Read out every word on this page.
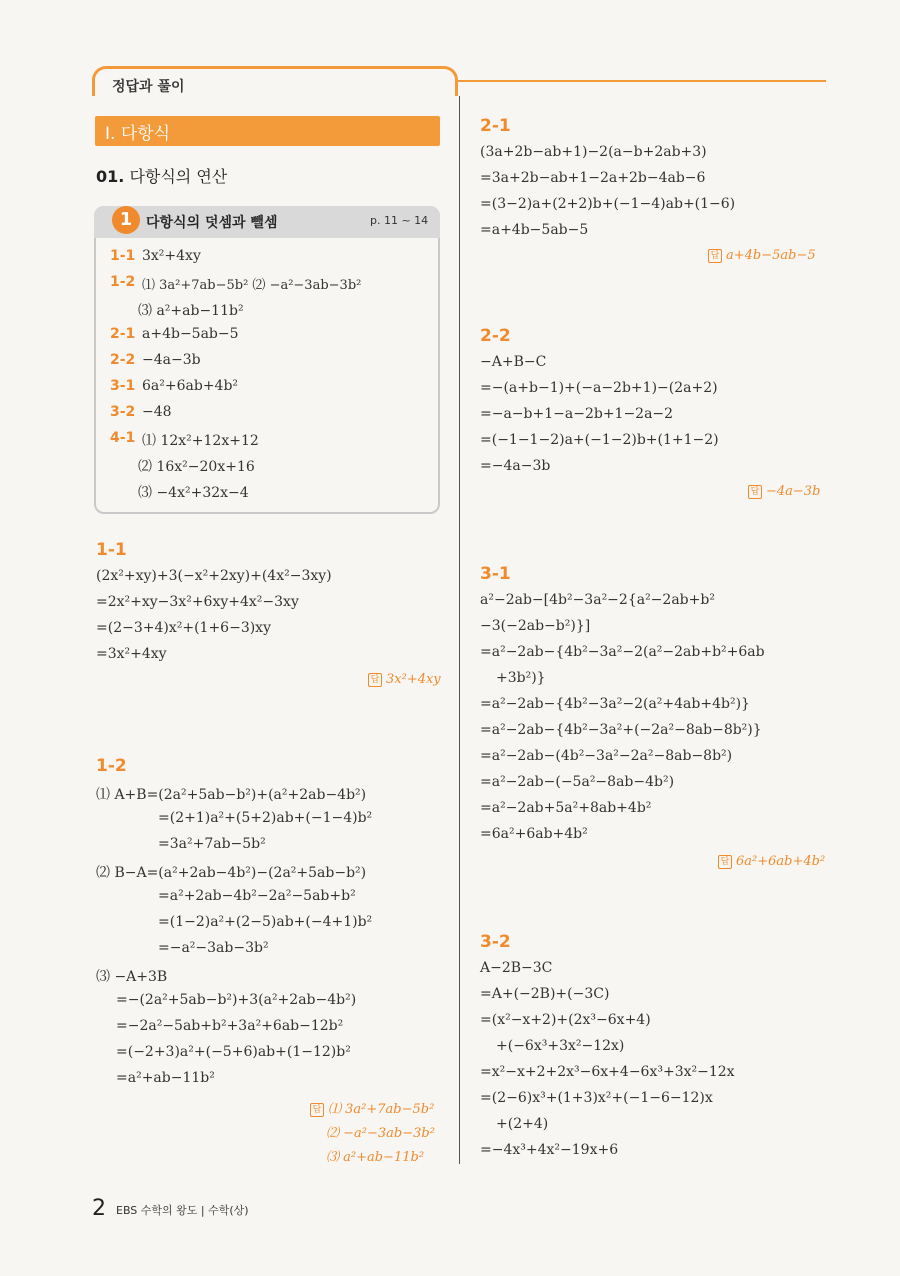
정답과 풀이
Ⅰ. 다항식
01. 다항식의 연산
1 다항식의 덧셈과 뺄셈	p. 11 ~ 14
1-1 3x²+4xy
1-2 ⑴ 3a²+7ab−5b² ⑵ −a²−3ab−3b²
⑶ a²+ab−11b²
2-1 a+4b−5ab−5
2-2 −4a−3b
3-1 6a²+6ab+4b²
3-2 −48
4-1 ⑴ 12x²+12x+12
⑵ 16x²−20x+16
⑶ −4x²+32x−4
1-1
(2x²+xy)+3(−x²+2xy)+(4x²−3xy)
=2x²+xy−3x²+6xy+4x²−3xy
=(2−3+4)x²+(1+6−3)xy
=3x²+4xy
답 3x²+4xy
1-2
⑴ A+B=(2a²+5ab−b²)+(a²+2ab−4b²)
=(2+1)a²+(5+2)ab+(−1−4)b²
=3a²+7ab−5b²
⑵ B−A=(a²+2ab−4b²)−(2a²+5ab−b²)
=a²+2ab−4b²−2a²−5ab+b²
=(1−2)a²+(2−5)ab+(−4+1)b²
=−a²−3ab−3b²
⑶ −A+3B
=−(2a²+5ab−b²)+3(a²+2ab−4b²)
=−2a²−5ab+b²+3a²+6ab−12b²
=(−2+3)a²+(−5+6)ab+(1−12)b²
=a²+ab−11b²
답 ⑴ 3a²+7ab−5b²
⑵ −a²−3ab−3b²
⑶ a²+ab−11b²
2-1
(3a+2b−ab+1)−2(a−b+2ab+3)
=3a+2b−ab+1−2a+2b−4ab−6
=(3−2)a+(2+2)b+(−1−4)ab+(1−6)
=a+4b−5ab−5
답 a+4b−5ab−5
2-2
−A+B−C
=−(a+b−1)+(−a−2b+1)−(2a+2)
=−a−b+1−a−2b+1−2a−2
=(−1−1−2)a+(−1−2)b+(1+1−2)
=−4a−3b
답 −4a−3b
3-1
a²−2ab−[4b²−3a²−2{a²−2ab+b²
−3(−2ab−b²)}]
=a²−2ab−{4b²−3a²−2(a²−2ab+b²+6ab
+3b²)}
=a²−2ab−{4b²−3a²−2(a²+4ab+4b²)}
=a²−2ab−{4b²−3a²+(−2a²−8ab−8b²)}
=a²−2ab−(4b²−3a²−2a²−8ab−8b²)
=a²−2ab−(−5a²−8ab−4b²)
=a²−2ab+5a²+8ab+4b²
=6a²+6ab+4b²
답 6a²+6ab+4b²
3-2
A−2B−3C
=A+(−2B)+(−3C)
=(x²−x+2)+(2x³−6x+4)
+(−6x³+3x²−12x)
=x²−x+2+2x³−6x+4−6x³+3x²−12x
=(2−6)x³+(1+3)x²+(−1−6−12)x
+(2+4)
=−4x³+4x²−19x+6
2 EBS 수학의 왕도 | 수학(상)
